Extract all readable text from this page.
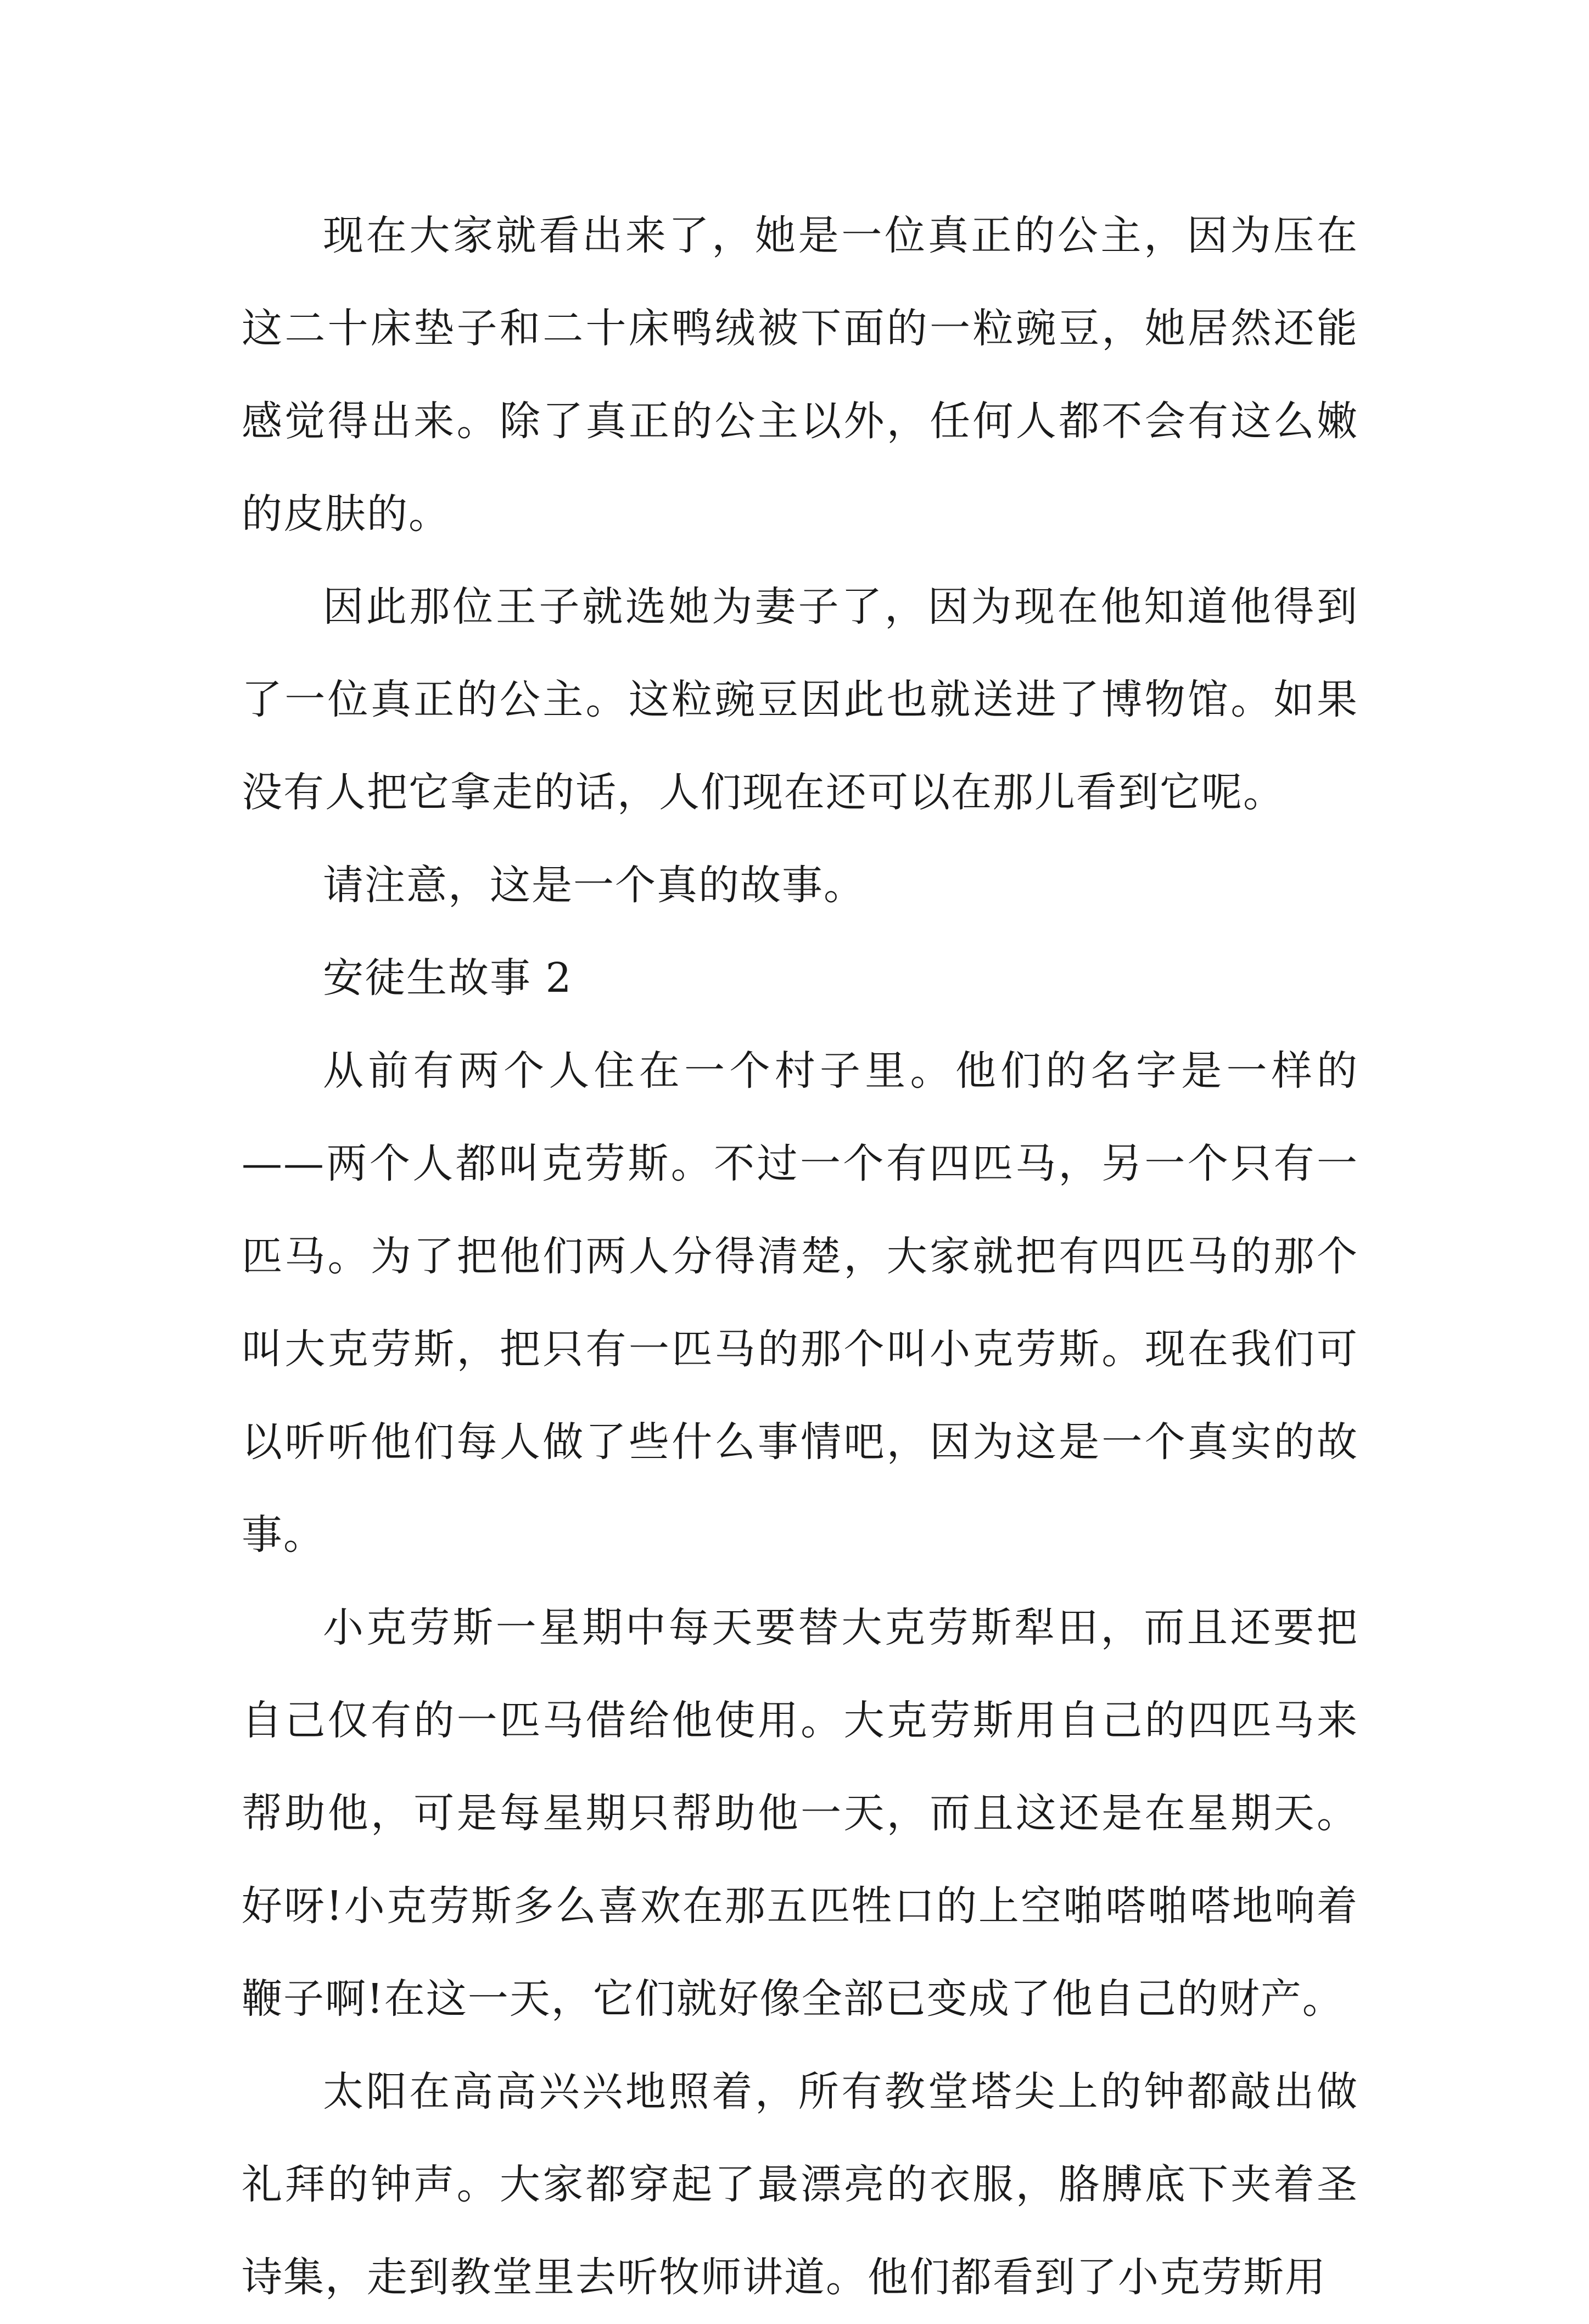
现在大家就看出来了，她是一位真正的公主，因为压在这二十床垫子和二十床鸭绒被下面的一粒豌豆，她居然还能感觉得出来。除了真正的公主以外，任何人都不会有这么嫩的皮肤的。

因此那位王子就选她为妻子了，因为现在他知道他得到了一位真正的公主。这粒豌豆因此也就送进了博物馆。如果没有人把它拿走的话，人们现在还可以在那儿看到它呢。

请注意，这是一个真的故事。

安徒生故事 2

从前有两个人住在一个村子里。他们的名字是一样的——两个人都叫克劳斯。不过一个有四匹马，另一个只有一匹马。为了把他们两人分得清楚，大家就把有四匹马的那个叫大克劳斯，把只有一匹马的那个叫小克劳斯。现在我们可以听听他们每人做了些什么事情吧，因为这是一个真实的故事。

小克劳斯一星期中每天要替大克劳斯犁田，而且还要把自己仅有的一匹马借给他使用。大克劳斯用自己的四匹马来帮助他，可是每星期只帮助他一天，而且这还是在星期天。好呀!小克劳斯多么喜欢在那五匹牲口的上空啪嗒啪嗒地响着鞭子啊!在这一天，它们就好像全部已变成了他自己的财产。

太阳在高高兴兴地照着，所有教堂塔尖上的钟都敲出做礼拜的钟声。大家都穿起了最漂亮的衣服，胳膊底下夹着圣诗集，走到教堂里去听牧师讲道。他们都看到了小克劳斯用
